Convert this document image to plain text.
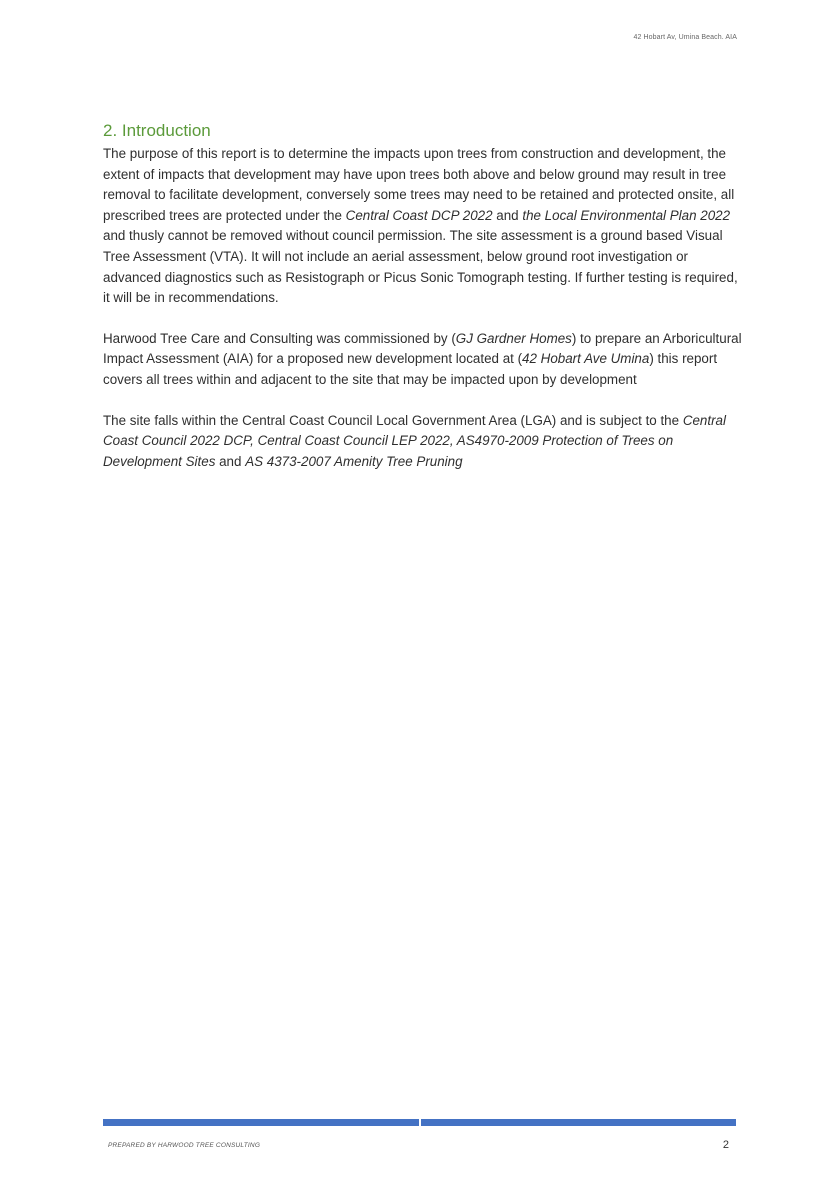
42 Hobart Av, Umina Beach. AIA
2. Introduction

The purpose of this report is to determine the impacts upon trees from construction and development, the extent of impacts that development may have upon trees both above and below ground may result in tree removal to facilitate development, conversely some trees may need to be retained and protected onsite, all prescribed trees are protected under the Central Coast DCP 2022 and the Local Environmental Plan 2022 and thusly cannot be removed without council permission. The site assessment is a ground based Visual Tree Assessment (VTA). It will not include an aerial assessment, below ground root investigation or advanced diagnostics such as Resistograph or Picus Sonic Tomograph testing. If further testing is required, it will be in recommendations.

Harwood Tree Care and Consulting was commissioned by (GJ Gardner Homes) to prepare an Arboricultural Impact Assessment (AIA) for a proposed new development located at (42 Hobart Ave Umina) this report covers all trees within and adjacent to the site that may be impacted upon by development

The site falls within the Central Coast Council Local Government Area (LGA) and is subject to the Central Coast Council 2022 DCP, Central Coast Council LEP 2022, AS4970-2009 Protection of Trees on Development Sites and AS 4373-2007 Amenity Tree Pruning

PREPARED BY HARWOOD TREE CONSULTING	2
